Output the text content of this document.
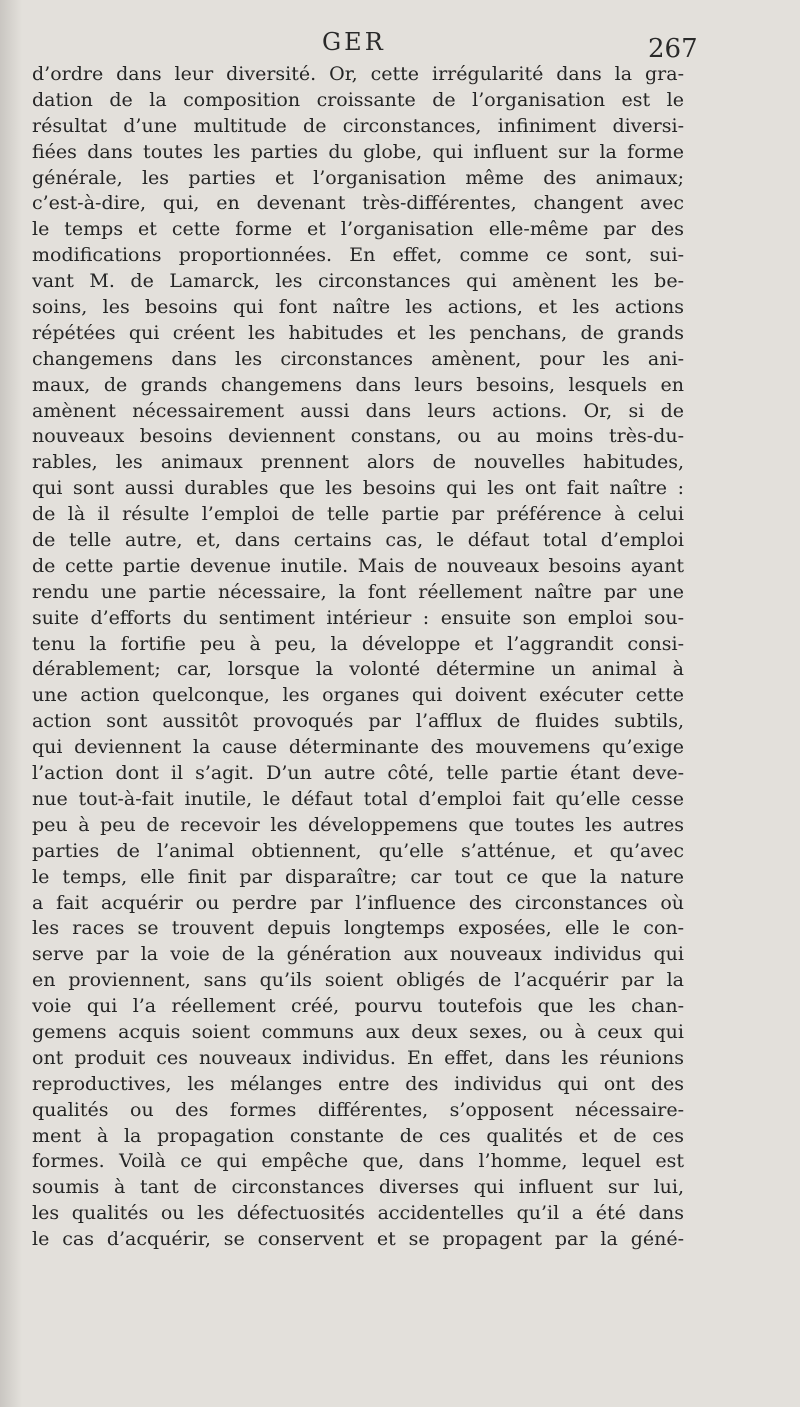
GER	267
d’ordre dans leur diversité. Or, cette irrégularité dans la gra-
dation de la composition croissante de l’organisation est le
résultat d’une multitude de circonstances, infiniment diversi-
fiées dans toutes les parties du globe, qui influent sur la forme
générale, les parties et l’organisation même des animaux;
c’est-à-dire, qui, en devenant très-différentes, changent avec
le temps et cette forme et l’organisation elle-même par des
modifications proportionnées. En effet, comme ce sont, sui-
vant M. de Lamarck, les circonstances qui amènent les be-
soins, les besoins qui font naître les actions, et les actions
répétées qui créent les habitudes et les penchans, de grands
changemens dans les circonstances amènent, pour les ani-
maux, de grands changemens dans leurs besoins, lesquels en
amènent nécessairement aussi dans leurs actions. Or, si de
nouveaux besoins deviennent constans, ou au moins très-du-
rables, les animaux prennent alors de nouvelles habitudes,
qui sont aussi durables que les besoins qui les ont fait naître :
de là il résulte l’emploi de telle partie par préférence à celui
de telle autre, et, dans certains cas, le défaut total d’emploi
de cette partie devenue inutile. Mais de nouveaux besoins ayant
rendu une partie nécessaire, la font réellement naître par une
suite d’efforts du sentiment intérieur : ensuite son emploi sou-
tenu la fortifie peu à peu, la développe et l’aggrandit consi-
dérablement; car, lorsque la volonté détermine un animal à
une action quelconque, les organes qui doivent exécuter cette
action sont aussitôt provoqués par l’afflux de fluides subtils,
qui deviennent la cause déterminante des mouvemens qu’exige
l’action dont il s’agit. D’un autre côté, telle partie étant deve-
nue tout-à-fait inutile, le défaut total d’emploi fait qu’elle cesse
peu à peu de recevoir les développemens que toutes les autres
parties de l’animal obtiennent, qu’elle s’atténue, et qu’avec
le temps, elle finit par disparaître; car tout ce que la nature
a fait acquérir ou perdre par l’influence des circonstances où
les races se trouvent depuis longtemps exposées, elle le con-
serve par la voie de la génération aux nouveaux individus qui
en proviennent, sans qu’ils soient obligés de l’acquérir par la
voie qui l’a réellement créé, pourvu toutefois que les chan-
gemens acquis soient communs aux deux sexes, ou à ceux qui
ont produit ces nouveaux individus. En effet, dans les réunions
reproductives, les mélanges entre des individus qui ont des
qualités ou des formes différentes, s’opposent nécessaire-
ment à la propagation constante de ces qualités et de ces
formes. Voilà ce qui empêche que, dans l’homme, lequel est
soumis à tant de circonstances diverses qui influent sur lui,
les qualités ou les défectuosités accidentelles qu’il a été dans
le cas d’acquérir, se conservent et se propagent par la géné-
